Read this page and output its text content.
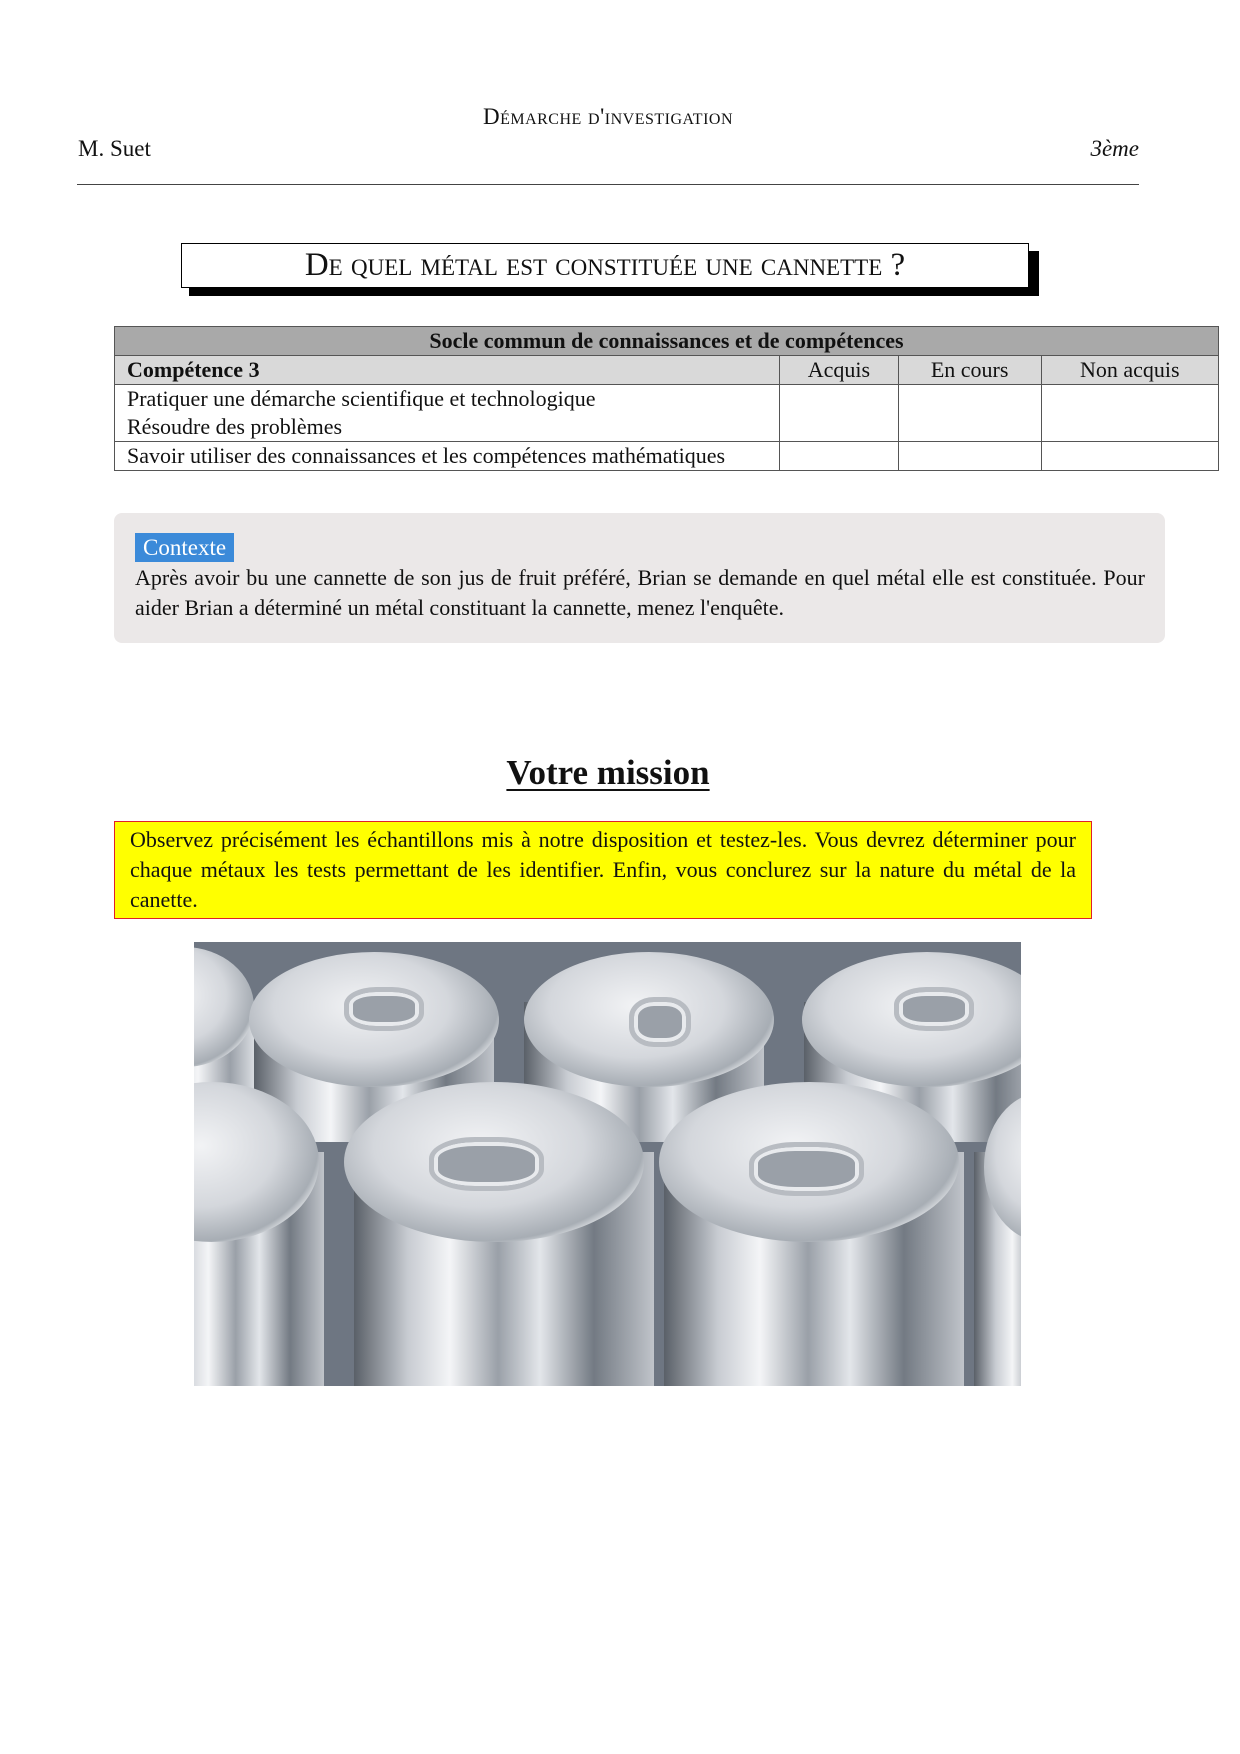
Démarche d'investigation
M. Suet	3ème
De quel métal est constituée une cannette ?
Socle commun de connaissances et de compétences			
Compétence 3	Acquis	En cours	Non acquis

Pratiquer une démarche scientifique et technologique
Résoudre des problèmes			

Savoir utiliser des connaissances et les compétences mathématiques			
Contexte
Après avoir bu une cannette de son jus de fruit préféré, Brian se demande en quel métal elle est constituée. Pour aider Brian a déterminé un métal constituant la cannette, menez l'enquête.
Votre mission
Observez précisément les échantillons mis à notre disposition et testez-les. Vous devrez déterminer pour chaque métaux les tests permettant de les identifier. Enfin, vous conclurez sur la nature du métal de la canette.
